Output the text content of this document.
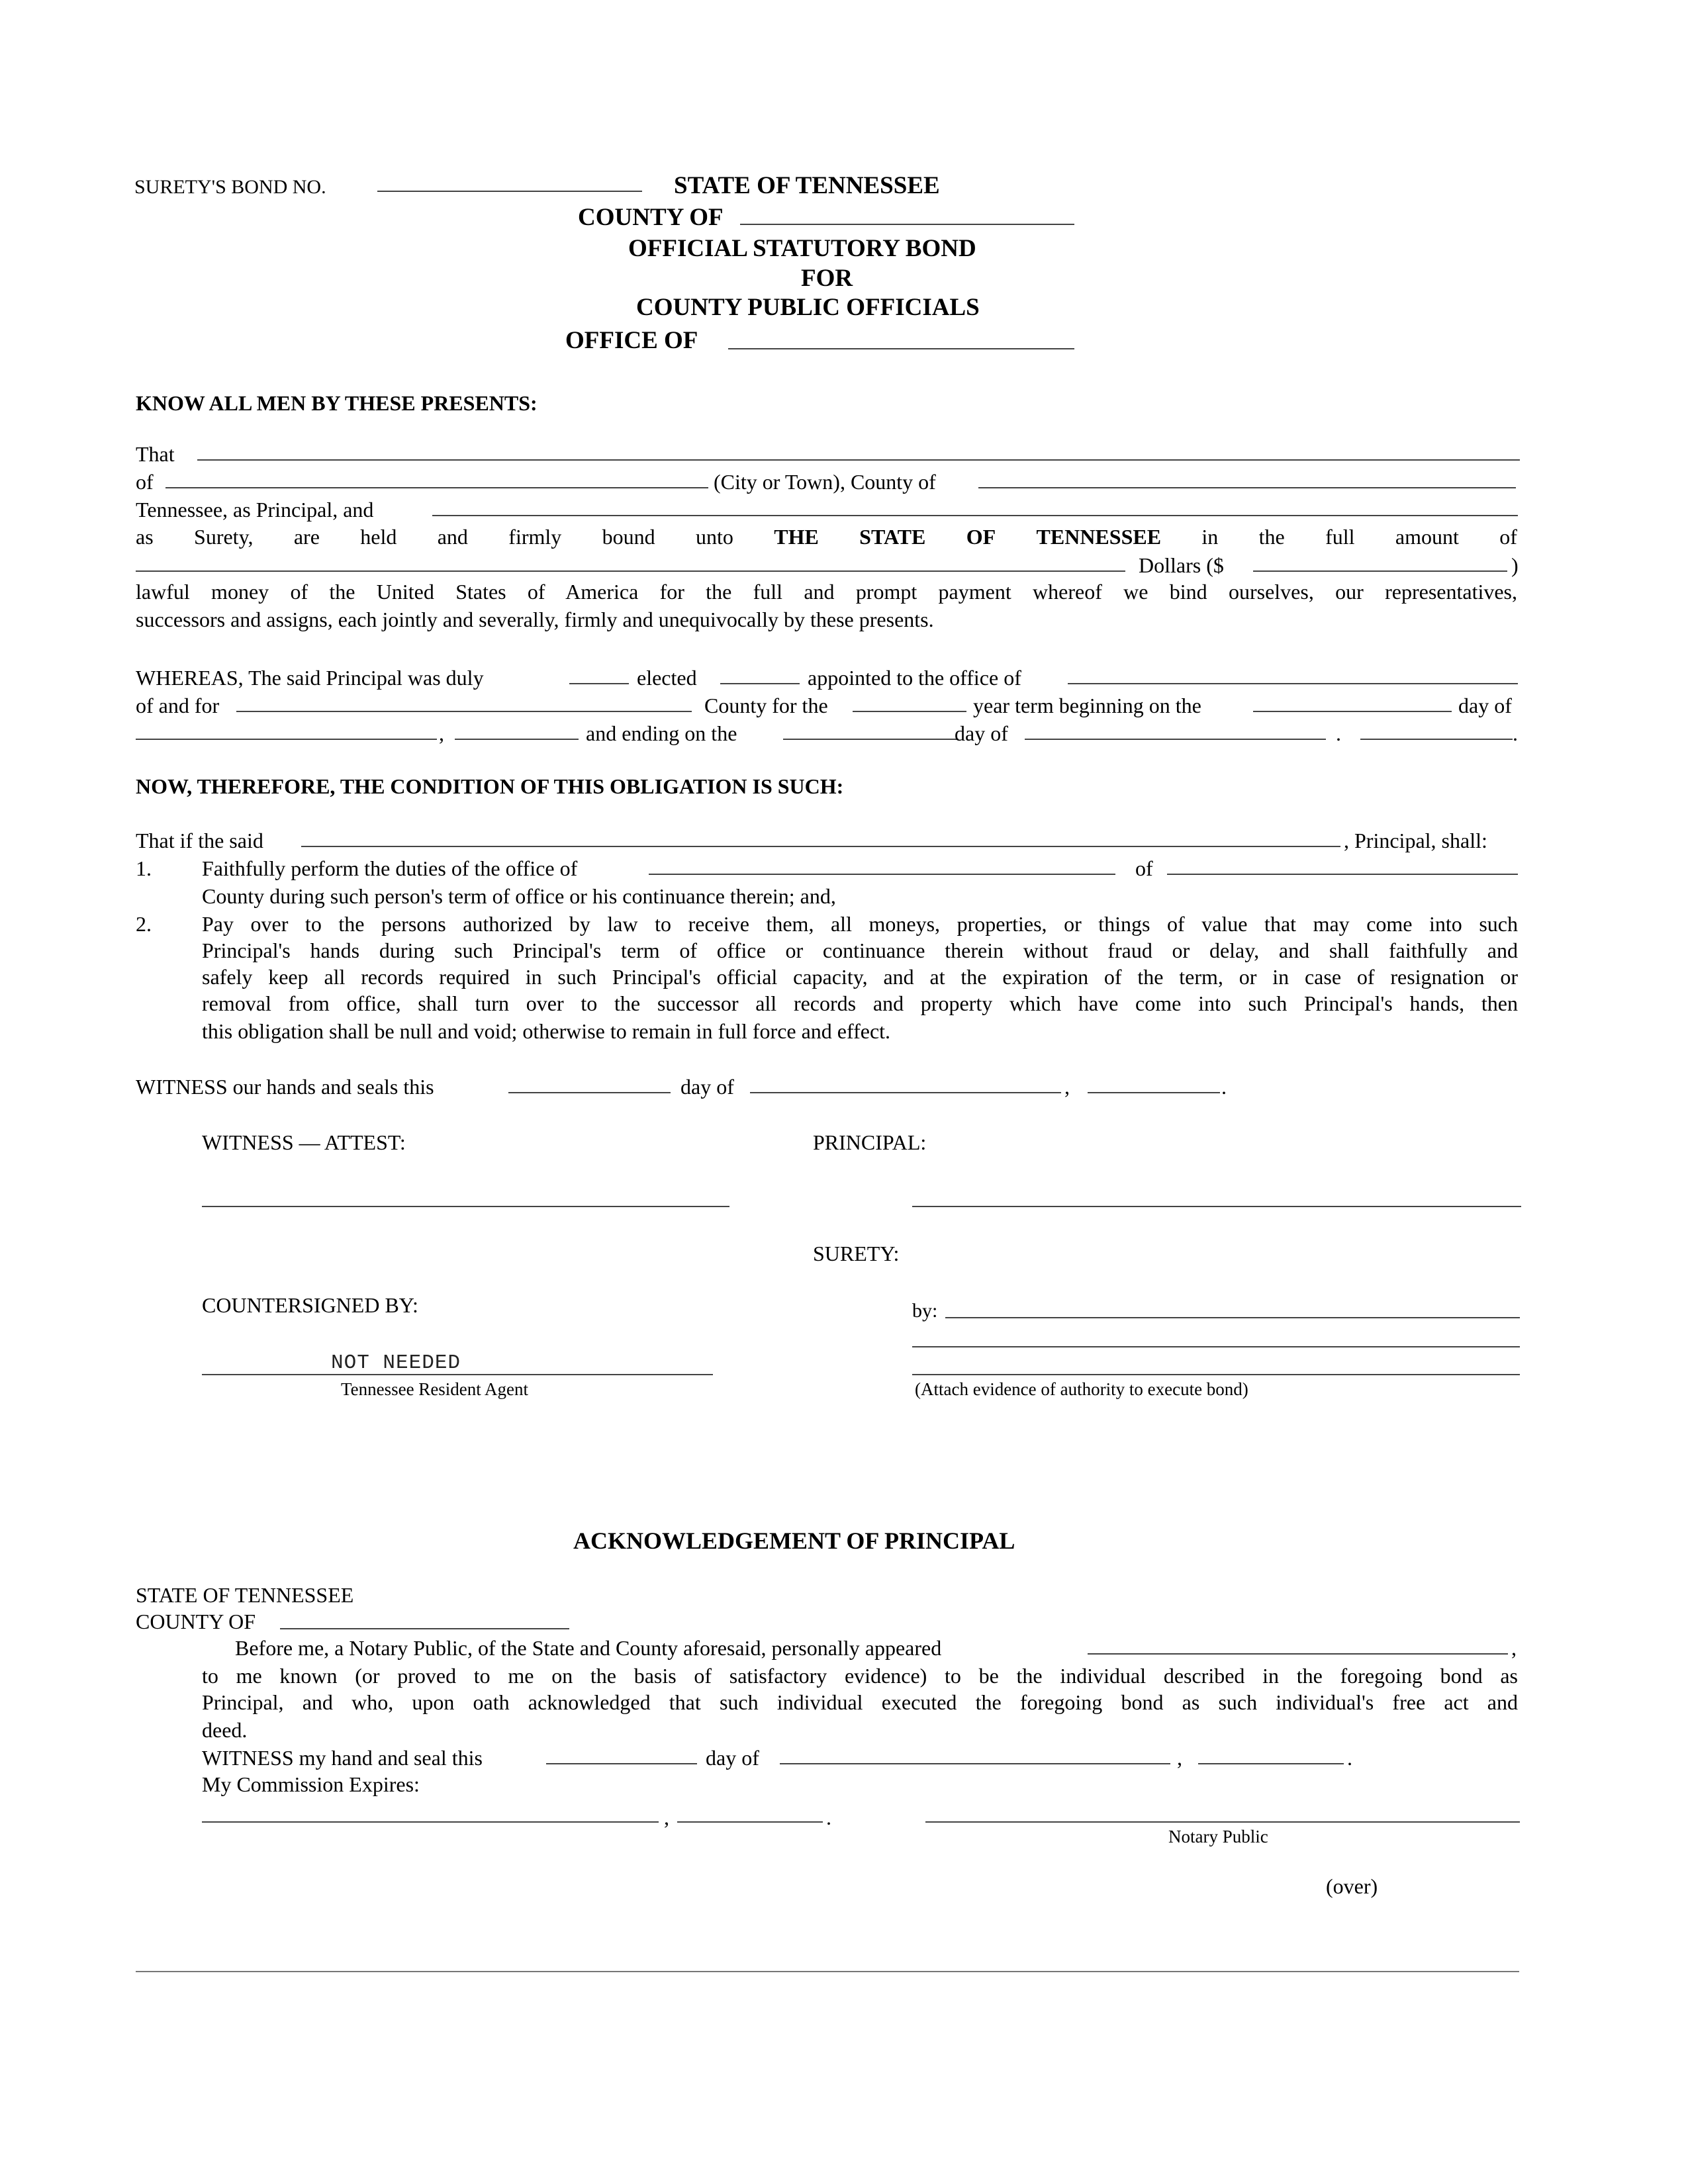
SURETY'S BOND NO.	STATE OF TENNESSEE
COUNTY OF
OFFICIAL STATUTORY BOND
FOR
COUNTY PUBLIC OFFICIALS
OFFICE OF
KNOW ALL MEN BY THESE PRESENTS:
That
of	(City or Town), County of
Tennessee, as Principal, and
as Surety, are held and firmly bound unto THE STATE OF TENNESSEE in the full amount of
Dollars ($	)
lawful money of the United States of America for the full and prompt payment whereof we bind ourselves, our representatives,
successors and assigns, each jointly and severally, firmly and unequivocally by these presents.
WHEREAS, The said Principal was duly	elected	appointed to the office of
of and for	County for the	year term beginning on the	day of
,	and ending on the	day of	.	.
NOW, THEREFORE, THE CONDITION OF THIS OBLIGATION IS SUCH:
That if the said	, Principal, shall:
1. Faithfully perform the duties of the office of	of
County during such person's term of office or his continuance therein; and,
2. Pay over to the persons authorized by law to receive them, all moneys, properties, or things of value that may come into such
Principal's hands during such Principal's term of office or continuance therein without fraud or delay, and shall faithfully and
safely keep all records required in such Principal's official capacity, and at the expiration of the term, or in case of resignation or
removal from office, shall turn over to the successor all records and property which have come into such Principal's hands, then
this obligation shall be null and void; otherwise to remain in full force and effect.
WITNESS our hands and seals this	day of	,	.
WITNESS — ATTEST:	PRINCIPAL:
SURETY:
COUNTERSIGNED BY:	by:
NOT NEEDED
Tennessee Resident Agent	(Attach evidence of authority to execute bond)
ACKNOWLEDGEMENT OF PRINCIPAL
STATE OF TENNESSEE
COUNTY OF
Before me, a Notary Public, of the State and County aforesaid, personally appeared	,
to me known (or proved to me on the basis of satisfactory evidence) to be the individual described in the foregoing bond as
Principal, and who, upon oath acknowledged that such individual executed the foregoing bond as such individual's free act and
deed.
WITNESS my hand and seal this	day of	,	.
My Commission Expires:
,	.
Notary Public
(over)
